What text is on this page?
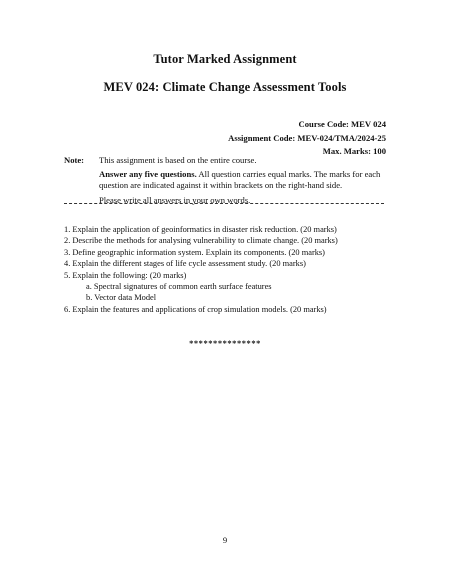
Tutor Marked Assignment
MEV 024: Climate Change Assessment Tools
Course Code: MEV 024
Assignment Code: MEV-024/TMA/2024-25
Max. Marks: 100
Note: This assignment is based on the entire course.

Answer any five questions. All question carries equal marks. The marks for each question are indicated against it within brackets on the right-hand side.

Please write all answers in your own words.

1. Explain the application of geoinformatics in disaster risk reduction. (20 marks)
2. Describe the methods for analysing vulnerability to climate change. (20 marks)
3. Define geographic information system. Explain its components. (20 marks)
4. Explain the different stages of life cycle assessment study. (20 marks)
5. Explain the following: (20 marks)
a. Spectral signatures of common earth surface features
b. Vector data Model
6. Explain the features and applications of crop simulation models. (20 marks)
***************
9
